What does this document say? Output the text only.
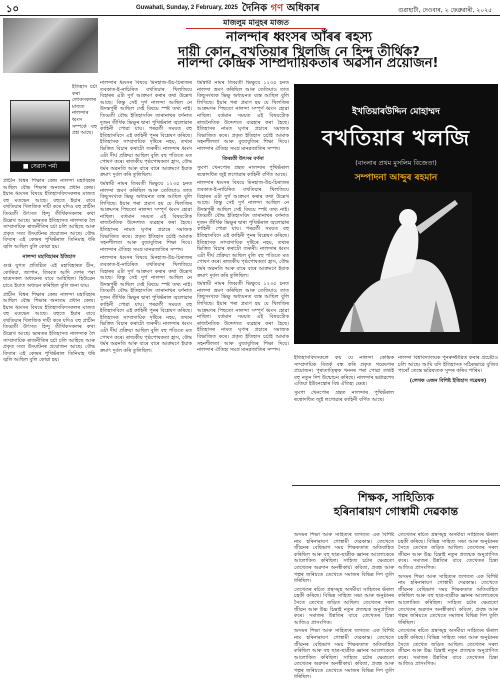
১০	Guwahati, Sunday, 2 February, 2025 দৈনিক গণ অধিকাৰ	গুৱাহাটী, দেওবাৰ, ২ ফেব্ৰুৱাৰী, ২০২৫
মাজলুম মানুহৰ মাজত
নালন্দাৰ ধ্বংসৰ আঁৰৰ ৰহস্য
দায়ী কোন, বখতিয়াৰ খিলজি নে হিন্দু তীৰ্থিক?
নালন্দা কেন্দ্ৰিক সাম্প্ৰদায়িকতাৰ অৱসান প্ৰয়োজন!
■ সেৱাস পৰ্মা

ইতিহাস চৰ্চা কৰা লোকসকলৰ মাজত নালন্দাৰ ধ্বংস সম্পৰ্কে বহু প্ৰশ্ন আছে।

প্ৰাচীন বিশ্বৰ শিক্ষাৰ কেন্দ্ৰ নালন্দা মহাবিহাৰ আছিল বৌদ্ধ শিক্ষাৰ অন্যতম প্ৰধান কেন্দ্ৰ। ইয়াৰ ধ্বংসৰ বিষয়ে ইতিহাসবিদসকলৰ মাজত বহু মতভেদ আছে। বহুতে ইয়াৰ বাবে বখতিয়াৰ খিলজিক দায়ী কৰে যদিও বহু প্ৰাচীন তিব্বতী উৎসত হিন্দু তীৰ্থিকসকলৰ কথা উল্লেখ আছে। ভাৰতৰ ইতিহাসত নালন্দাক লৈ সাম্প্ৰদায়িক ৰাজনীতিৰ চৰ্চা চলি আহিছে আৰু প্ৰকৃত সত্য উদ্ঘাটনৰ প্ৰয়োজন আছে। বৌদ্ধ বিদ্যাৰ এই কেন্দ্ৰৰ পুথিভঁৰাল তিনিমাহ ধৰি জ্বলি আছিল বুলি কোৱা হয়।

নালন্দা মহাবিহাৰৰ ইতিহাস

গুপ্ত যুগত প্ৰতিষ্ঠিত এই মহাবিহাৰত চীন, কোৰিয়া, জাপান, তিব্বত আদি দেশৰ পৰা ছাত্ৰসকল অধ্যয়নৰ বাবে আহিছিল। হিউৱেন চাঙে ইয়াত অধ্যয়ন কৰিছিল বুলি জনা যায়।

প্ৰাচীন বিশ্বৰ শিক্ষাৰ কেন্দ্ৰ নালন্দা মহাবিহাৰ আছিল বৌদ্ধ শিক্ষাৰ অন্যতম প্ৰধান কেন্দ্ৰ। ইয়াৰ ধ্বংসৰ বিষয়ে ইতিহাসবিদসকলৰ মাজত বহু মতভেদ আছে। বহুতে ইয়াৰ বাবে বখতিয়াৰ খিলজিক দায়ী কৰে যদিও বহু প্ৰাচীন তিব্বতী উৎসত হিন্দু তীৰ্থিকসকলৰ কথা উল্লেখ আছে। ভাৰতৰ ইতিহাসত নালন্দাক লৈ সাম্প্ৰদায়িক ৰাজনীতিৰ চৰ্চা চলি আহিছে আৰু প্ৰকৃত সত্য উদ্ঘাটনৰ প্ৰয়োজন আছে। বৌদ্ধ বিদ্যাৰ এই কেন্দ্ৰৰ পুথিভঁৰাল তিনিমাহ ধৰি জ্বলি আছিল বুলি কোৱা হয়।

নালন্দাৰ ধ্বংসৰ বিষয়ে মিনহাজ-উচ-চিৰাজৰ তবকাত-ই-নাচিৰিত বখতিয়াৰ খিলজিয়ে বিহাৰৰ এটা দুৰ্গ আক্ৰমণ কৰাৰ কথা উল্লেখ আছে। কিন্তু সেই দুৰ্গ নালন্দা আছিল নে উদন্তপুৰী আছিল সেই বিষয়ে স্পষ্ট তথ্য নাই। তিব্বতী বৌদ্ধ ইতিহাসবিদ তাৰানাথৰ বৰ্ণনাত দুজন তীৰ্থিক ভিক্ষুৰ দ্বাৰা পুথিভঁৰাল জ্বলোৱাৰ কাহিনী পোৱা যায়। পৰৱৰ্তী সময়ত বহু ইতিহাসবিদে এই কাহিনী পুনৰ বিশ্লেষণ কৰিছে। ইতিহাসক সাম্প্ৰদায়িক দৃষ্টিৰে নহয়, তথ্যৰ ভিত্তিত বিচাৰ কৰাটো জৰুৰী। নালন্দাৰ ধ্বংস এটা দীৰ্ঘ প্ৰক্ৰিয়া আছিল বুলি বহু পণ্ডিতে মত পোষণ কৰে। ৰাজকীয় পৃষ্ঠপোষকতা হ্ৰাস, বৌদ্ধ ধৰ্মৰ অৱনতি আৰু বাৰে বাৰে আক্ৰমণে ইয়াক ক্ৰমাৎ দুৰ্বল কৰি তুলিছিল।

ধৰ্মস্বামী নামৰ তিব্বতী ভিক্ষুয়ে ১২৩৫ চনত নালন্দা ভ্ৰমণ কৰিছিল আৰু তেতিয়াও তাত কিছুসংখ্যক ভিক্ষু অধ্যয়নত ব্যস্ত আছিল বুলি লিখিছে। ইয়াৰ পৰা প্ৰমাণ হয় যে খিলজিৰ আক্ৰমণৰ পিছতো নালন্দা সম্পূৰ্ণ ধ্বংস হোৱা নাছিল। বৰ্তমান সময়ত এই বিষয়টোক ৰাজনৈতিক উদ্দেশ্যত ব্যৱহাৰ কৰা হৈছে। ইতিহাসৰ নামত ঘৃণাৰ প্ৰচাৰে সমাজক বিভাজিত কৰে। প্ৰকৃত ইতিহাস চৰ্চাই আমাক সহনশীলতা আৰু বুজাবুজিৰ শিক্ষা দিয়ে। নালন্দাৰ ঐতিহ্য সমগ্ৰ মানৱজাতিৰ সম্পদ।

নালন্দাৰ ধ্বংসৰ বিষয়ে মিনহাজ-উচ-চিৰাজৰ তবকাত-ই-নাচিৰিত বখতিয়াৰ খিলজিয়ে বিহাৰৰ এটা দুৰ্গ আক্ৰমণ কৰাৰ কথা উল্লেখ আছে। কিন্তু সেই দুৰ্গ নালন্দা আছিল নে উদন্তপুৰী আছিল সেই বিষয়ে স্পষ্ট তথ্য নাই। তিব্বতী বৌদ্ধ ইতিহাসবিদ তাৰানাথৰ বৰ্ণনাত দুজন তীৰ্থিক ভিক্ষুৰ দ্বাৰা পুথিভঁৰাল জ্বলোৱাৰ কাহিনী পোৱা যায়। পৰৱৰ্তী সময়ত বহু ইতিহাসবিদে এই কাহিনী পুনৰ বিশ্লেষণ কৰিছে। ইতিহাসক সাম্প্ৰদায়িক দৃষ্টিৰে নহয়, তথ্যৰ ভিত্তিত বিচাৰ কৰাটো জৰুৰী। নালন্দাৰ ধ্বংস এটা দীৰ্ঘ প্ৰক্ৰিয়া আছিল বুলি বহু পণ্ডিতে মত পোষণ কৰে। ৰাজকীয় পৃষ্ঠপোষকতা হ্ৰাস, বৌদ্ধ ধৰ্মৰ অৱনতি আৰু বাৰে বাৰে আক্ৰমণে ইয়াক ক্ৰমাৎ দুৰ্বল কৰি তুলিছিল।

ধৰ্মস্বামী নামৰ তিব্বতী ভিক্ষুয়ে ১২৩৫ চনত নালন্দা ভ্ৰমণ কৰিছিল আৰু তেতিয়াও তাত কিছুসংখ্যক ভিক্ষু অধ্যয়নত ব্যস্ত আছিল বুলি লিখিছে। ইয়াৰ পৰা প্ৰমাণ হয় যে খিলজিৰ আক্ৰমণৰ পিছতো নালন্দা সম্পূৰ্ণ ধ্বংস হোৱা নাছিল। বৰ্তমান সময়ত এই বিষয়টোক ৰাজনৈতিক উদ্দেশ্যত ব্যৱহাৰ কৰা হৈছে। ইতিহাসৰ নামত ঘৃণাৰ প্ৰচাৰে সমাজক বিভাজিত কৰে। প্ৰকৃত ইতিহাস চৰ্চাই আমাক সহনশীলতা আৰু বুজাবুজিৰ শিক্ষা দিয়ে। নালন্দাৰ ঐতিহ্য সমগ্ৰ মানৱজাতিৰ সম্পদ।

তিব্বতী উৎসৰ বৰ্ণনা

সুমপা খেনপোৰ গ্ৰন্থত নালন্দাৰ পুথিভঁৰাল ৰত্নোদধিত জুই লগোৱাৰ কাহিনী বৰ্ণিত আছে।

নালন্দাৰ ধ্বংসৰ বিষয়ে মিনহাজ-উচ-চিৰাজৰ তবকাত-ই-নাচিৰিত বখতিয়াৰ খিলজিয়ে বিহাৰৰ এটা দুৰ্গ আক্ৰমণ কৰাৰ কথা উল্লেখ আছে। কিন্তু সেই দুৰ্গ নালন্দা আছিল নে উদন্তপুৰী আছিল সেই বিষয়ে স্পষ্ট তথ্য নাই। তিব্বতী বৌদ্ধ ইতিহাসবিদ তাৰানাথৰ বৰ্ণনাত দুজন তীৰ্থিক ভিক্ষুৰ দ্বাৰা পুথিভঁৰাল জ্বলোৱাৰ কাহিনী পোৱা যায়। পৰৱৰ্তী সময়ত বহু ইতিহাসবিদে এই কাহিনী পুনৰ বিশ্লেষণ কৰিছে। ইতিহাসক সাম্প্ৰদায়িক দৃষ্টিৰে নহয়, তথ্যৰ ভিত্তিত বিচাৰ কৰাটো জৰুৰী। নালন্দাৰ ধ্বংস এটা দীৰ্ঘ প্ৰক্ৰিয়া আছিল বুলি বহু পণ্ডিতে মত পোষণ কৰে। ৰাজকীয় পৃষ্ঠপোষকতা হ্ৰাস, বৌদ্ধ ধৰ্মৰ অৱনতি আৰু বাৰে বাৰে আক্ৰমণে ইয়াক ক্ৰমাৎ দুৰ্বল কৰি তুলিছিল।

ধৰ্মস্বামী নামৰ তিব্বতী ভিক্ষুয়ে ১২৩৫ চনত নালন্দা ভ্ৰমণ কৰিছিল আৰু তেতিয়াও তাত কিছুসংখ্যক ভিক্ষু অধ্যয়নত ব্যস্ত আছিল বুলি লিখিছে। ইয়াৰ পৰা প্ৰমাণ হয় যে খিলজিৰ আক্ৰমণৰ পিছতো নালন্দা সম্পূৰ্ণ ধ্বংস হোৱা নাছিল। বৰ্তমান সময়ত এই বিষয়টোক ৰাজনৈতিক উদ্দেশ্যত ব্যৱহাৰ কৰা হৈছে। ইতিহাসৰ নামত ঘৃণাৰ প্ৰচাৰে সমাজক বিভাজিত কৰে। প্ৰকৃত ইতিহাস চৰ্চাই আমাক সহনশীলতা আৰু বুজাবুজিৰ শিক্ষা দিয়ে। নালন্দাৰ ঐতিহ্য সমগ্ৰ মানৱজাতিৰ সম্পদ।

ইখতিয়াৰউদ্দিন মোহাম্মদ
বখতিয়াৰ খলজি
(বাংলাৰ প্ৰথম মুসলিম বিজেতা)
সম্পাদনা আব্দুৰ ৰহমান

ইতিহাসবিদসকলে কয় যে নালন্দা কেন্দ্ৰিক সাম্প্ৰদায়িক বিতৰ্ক বন্ধ কৰি প্ৰকৃত গৱেষণাৰ প্ৰয়োজন। পুৰাতাত্ত্বিক খননৰ পৰা পোৱা তথ্যই বহু নতুন দিশ উন্মোচন কৰিছে। নালন্দাৰ ভগ্নাৱশেষ এতিয়া ইউনেস্কোৰ বিশ্ব ঐতিহ্য ক্ষেত্ৰ।

সুমপা খেনপোৰ গ্ৰন্থত নালন্দাৰ পুথিভঁৰাল ৰত্নোদধিত জুই লগোৱাৰ কাহিনী বৰ্ণিত আছে।

নালন্দা বিশ্ববিদ্যালয়ক পুনৰুজ্জীৱিত কৰাৰ প্ৰচেষ্টাও চলি আছে। আমি যদি ইতিহাসক সঠিকভাৱে বুজিব পাৰোঁ তেন্তে ভৱিষ্যতক সুন্দৰ কৰিব পাৰিম।

(লেখক এজন বিশিষ্ট ইতিহাস গৱেষক)

শিক্ষক, সাহিত্যিক
হৰিনাৰায়ণ গোস্বামী দেৱকান্ত

অসমৰ শিক্ষা আৰু সাহিত্যৰ জগতত এক বিশিষ্ট নাম হৰিনাৰায়ণ গোস্বামী দেৱকান্ত। তেখেতে জীৱনৰ বেছিভাগ সময় শিক্ষকতাত অতিবাহিত কৰিছিল আৰু বহু ছাত্ৰ-ছাত্ৰীক জ্ঞানৰ আলোকেৰে আলোকিত কৰিছিল। সাহিত্য চৰ্চাৰ ক্ষেত্ৰতো তেখেতৰ অৱদান অনস্বীকাৰ্য। কবিতা, প্ৰবন্ধ আৰু গল্পৰ জৰিয়তে তেখেতে সমাজৰ বিভিন্ন দিশ তুলি ধৰিছিল।

তেখেতৰ ৰচিত গ্ৰন্থসমূহ অসমীয়া সাহিত্যৰ ভঁৰাল চহকী কৰিছে। বিভিন্ন সাহিত্য সভা আৰু অনুষ্ঠানৰ সৈতে তেখেত জড়িত আছিল। তেখেতৰ সৰল জীৱন আৰু উচ্চ চিন্তাই নতুন প্ৰজন্মক অনুপ্ৰাণিত কৰে। সমাজৰ উন্নতিৰ বাবে তেখেতৰ চিন্তা আজিও প্ৰাসংগিক।

অসমৰ শিক্ষা আৰু সাহিত্যৰ জগতত এক বিশিষ্ট নাম হৰিনাৰায়ণ গোস্বামী দেৱকান্ত। তেখেতে জীৱনৰ বেছিভাগ সময় শিক্ষকতাত অতিবাহিত কৰিছিল আৰু বহু ছাত্ৰ-ছাত্ৰীক জ্ঞানৰ আলোকেৰে আলোকিত কৰিছিল। সাহিত্য চৰ্চাৰ ক্ষেত্ৰতো তেখেতৰ অৱদান অনস্বীকাৰ্য। কবিতা, প্ৰবন্ধ আৰু গল্পৰ জৰিয়তে তেখেতে সমাজৰ বিভিন্ন দিশ তুলি ধৰিছিল।

তেখেতৰ ৰচিত গ্ৰন্থসমূহ অসমীয়া সাহিত্যৰ ভঁৰাল চহকী কৰিছে। বিভিন্ন সাহিত্য সভা আৰু অনুষ্ঠানৰ সৈতে তেখেত জড়িত আছিল। তেখেতৰ সৰল জীৱন আৰু উচ্চ চিন্তাই নতুন প্ৰজন্মক অনুপ্ৰাণিত কৰে। সমাজৰ উন্নতিৰ বাবে তেখেতৰ চিন্তা আজিও প্ৰাসংগিক।

অসমৰ শিক্ষা আৰু সাহিত্যৰ জগতত এক বিশিষ্ট নাম হৰিনাৰায়ণ গোস্বামী দেৱকান্ত। তেখেতে জীৱনৰ বেছিভাগ সময় শিক্ষকতাত অতিবাহিত কৰিছিল আৰু বহু ছাত্ৰ-ছাত্ৰীক জ্ঞানৰ আলোকেৰে আলোকিত কৰিছিল। সাহিত্য চৰ্চাৰ ক্ষেত্ৰতো তেখেতৰ অৱদান অনস্বীকাৰ্য। কবিতা, প্ৰবন্ধ আৰু গল্পৰ জৰিয়তে তেখেতে সমাজৰ বিভিন্ন দিশ তুলি ধৰিছিল।

তেখেতৰ ৰচিত গ্ৰন্থসমূহ অসমীয়া সাহিত্যৰ ভঁৰাল চহকী কৰিছে। বিভিন্ন সাহিত্য সভা আৰু অনুষ্ঠানৰ সৈতে তেখেত জড়িত আছিল। তেখেতৰ সৰল জীৱন আৰু উচ্চ চিন্তাই নতুন প্ৰজন্মক অনুপ্ৰাণিত কৰে। সমাজৰ উন্নতিৰ বাবে তেখেতৰ চিন্তা আজিও প্ৰাসংগিক।
